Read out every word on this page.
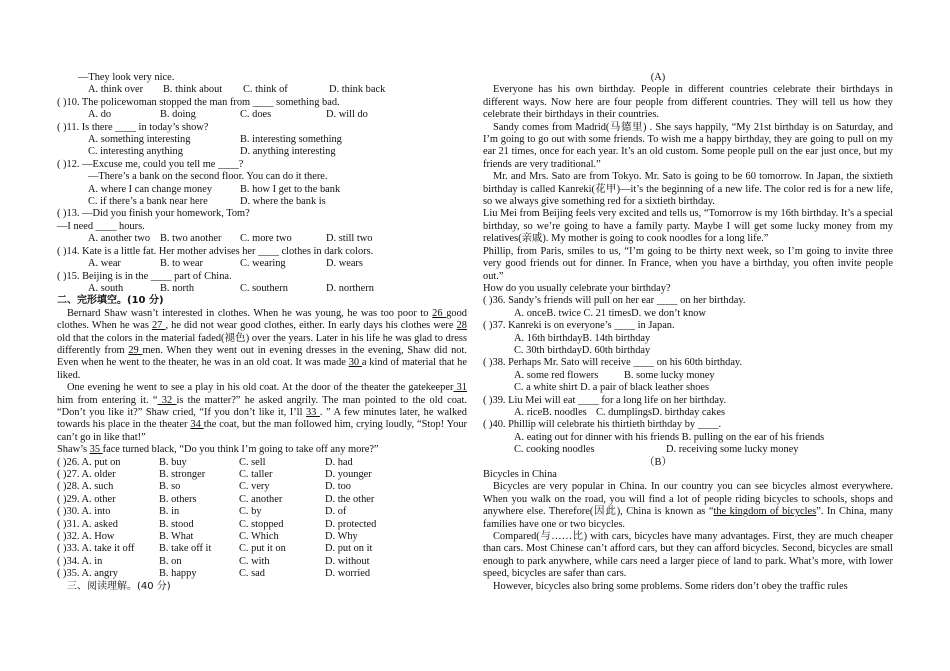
—They look very nice.
A. think over B. think about C. think of	D. think back
( )10. The policewoman stopped the man from ____ something bad.
A. do	B. doing	C. does	D. will do
( )11. Is there ____ in today’s show?
A. something interesting	B. interesting something
C. interesting anything	D. anything interesting
( )12. —Excuse me, could you tell me ____?
—There’s a bank on the second floor. You can do it there.
A. where I can change money	B. how I get to the bank
C. if there’s a bank near here	D. where the bank is
( )13. —Did you finish your homework, Tom?
—I need ____ hours.
A. another two B. two another C. more two	D. still two
( )14. Kate is a little fat. Her mother advises her ____ clothes in dark colors.
A. wear	B. to wear	C. wearing	D. wears
( )15. Beijing is in the ____ part of China.
A. south	B. north	C. southern	D. northern
二、完形填空。(10 分)
Bernard Shaw wasn’t interested in clothes. When he was young, he was too poor to 26 good clothes. When he was 27 , he did not wear good clothes, either. In early days his clothes were 28 old that the colors in the material faded(褪色) over the years. Later in his life he was glad to dress differently from 29 men. When they went out in evening dresses in the evening, Shaw did not. Even when he went to the theater, he was in an old coat. It was made 30 a kind of material that he liked.
One evening he went to see a play in his old coat. At the door of the theater the gatekeeper 31 him from entering it. “ 32 is the matter?” he asked angrily. The man pointed to the old coat. “Don’t you like it?” Shaw cried, “If you don’t like it, I’ll 33 . ” A few minutes later, he walked towards his place in the theater 34 the coat, but the man followed him, crying loudly, “Stop! Your can’t go in like that!”
Shaw’s 35 face turned black, “Do you think I’m going to take off any more?”
( )26. A. put on	B. buy	C. sell	D. had
( )27. A. older	B. stronger	C. taller	D. younger
( )28. A. such	B. so	C. very	D. too
( )29. A. other	B. others	C. another	D. the other
( )30. A. into	B. in	C. by	D. of
( )31. A. asked	B. stood	C. stopped	D. protected
( )32. A. How	B. What	C. Which	D. Why
( )33. A. take it off	B. take off it	C. put it on	D. put on it
( )34. A. in	B. on	C. with	D. without
( )35. A. angry	B. happy	C. sad	D. worried
三、阅读理解。(40 分)
(A)
Everyone has his own birthday. People in different countries celebrate their birthdays in different ways. Now here are four people from different countries. They will tell us how they celebrate their birthdays in their countries.
Sandy comes from Madrid(马德里) . She says happily, “My 21st birthday is on Saturday, and I’m going to go out with some friends. To wish me a happy birthday, they are going to pull on my ear 21 times, once for each year. It’s an old custom. Some people pull on the ear just once, but my friends are very traditional.”
Mr. and Mrs. Sato are from Tokyo. Mr. Sato is going to be 60 tomorrow. In Japan, the sixtieth birthday is called Kanreki(花甲)—it’s the beginning of a new life. The color red is for a new life, so we always give something red for a sixtieth birthday.
Liu Mei from Beijing feels very excited and tells us, “Tomorrow is my 16th birthday. It’s a special birthday, so we’re going to have a family party. Maybe I will get some lucky money from my relatives(亲戚). My mother is going to cook noodles for a long life.”
Phillip, from Paris, smiles to us, “I’m going to be thirty next week, so I’m going to invite three very good friends out for dinner. In France, when you have a birthday, you often invite people out.”
How do you usually celebrate your birthday?
( )36. Sandy’s friends will pull on her ear ____ on her birthday.
A. onceB. twice C. 21 timesD. we don’t know
( )37. Kanreki is on everyone’s ____ in Japan.
A. 16th birthdayB. 14th birthday
C. 30th birthdayD. 60th birthday
( )38. Perhaps Mr. Sato will receive ____ on his 60th birthday.
A. some red flowers B. some lucky money
C. a white shirt D. a pair of black leather shoes
( )39. Liu Mei will eat ____ for a long life on her birthday.
A. riceB. noodles C. dumplingsD. birthday cakes
( )40. Phillip will celebrate his thirtieth birthday by ____.
A. eating out for dinner with his friends B. pulling on the ear of his friends
C. cooking noodles	D. receiving some lucky money
（B）
Bicycles in China
Bicycles are very popular in China. In our country you can see bicycles almost everywhere. When you walk on the road, you will find a lot of people riding bicycles to schools, shops and anywhere else. Therefore(因此), China is known as “the kingdom of bicycles”. In China, many families have one or two bicycles.
Compared(与……比) with cars, bicycles have many advantages. First, they are much cheaper than cars. Most Chinese can’t afford cars, but they can afford bicycles. Second, bicycles are small enough to park anywhere, while cars need a larger piece of land to park. What’s more, with lower speed, bicycles are safer than cars.
However, bicycles also bring some problems. Some riders don’t obey the traffic rules
